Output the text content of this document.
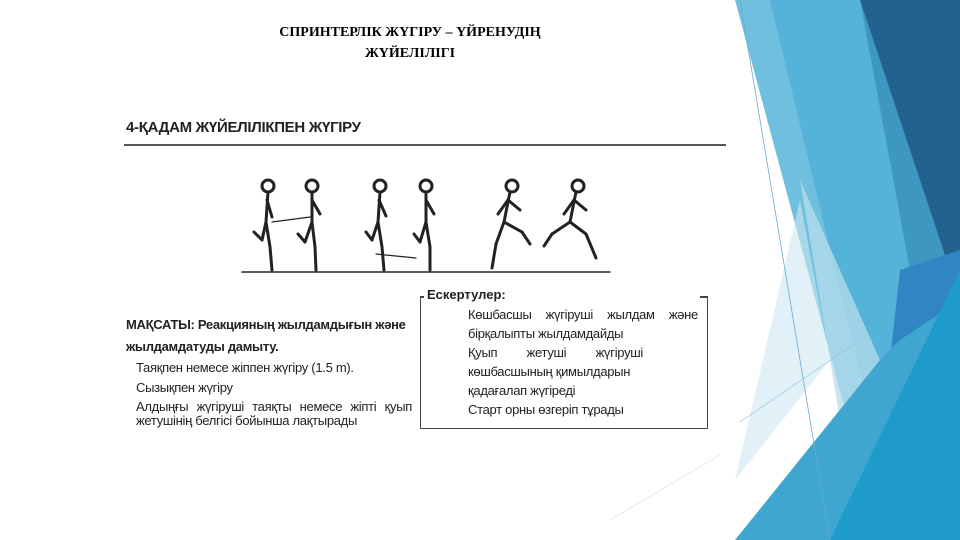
СПРИНТЕРЛІК ЖҮГІРУ – ҮЙРЕНУДІҢ
ЖҮЙЕЛІЛІГІ
4-ҚАДАМ ЖҮЙЕЛІЛІКПЕН ЖҮГІРУ
МАҚСАТЫ: Реакцияның жылдамдығын және
жылдамдатуды дамыту.
Таяқпен немесе жіппен жүгіру (1.5 m).
Сызықпен жүгіру
Алдыңғы жүгіруші таяқты немесе жіпті қуып жетушінің белгісі бойынша лақтырады
Ескертулер:
Көшбасшы жүгіруші жылдам және
бірқалыпты жылдамдайды
Қуып жетуші жүгіруші
көшбасшының қимылдарын
қадағалап жүгіреді
Старт орны өзгеріп тұрады
